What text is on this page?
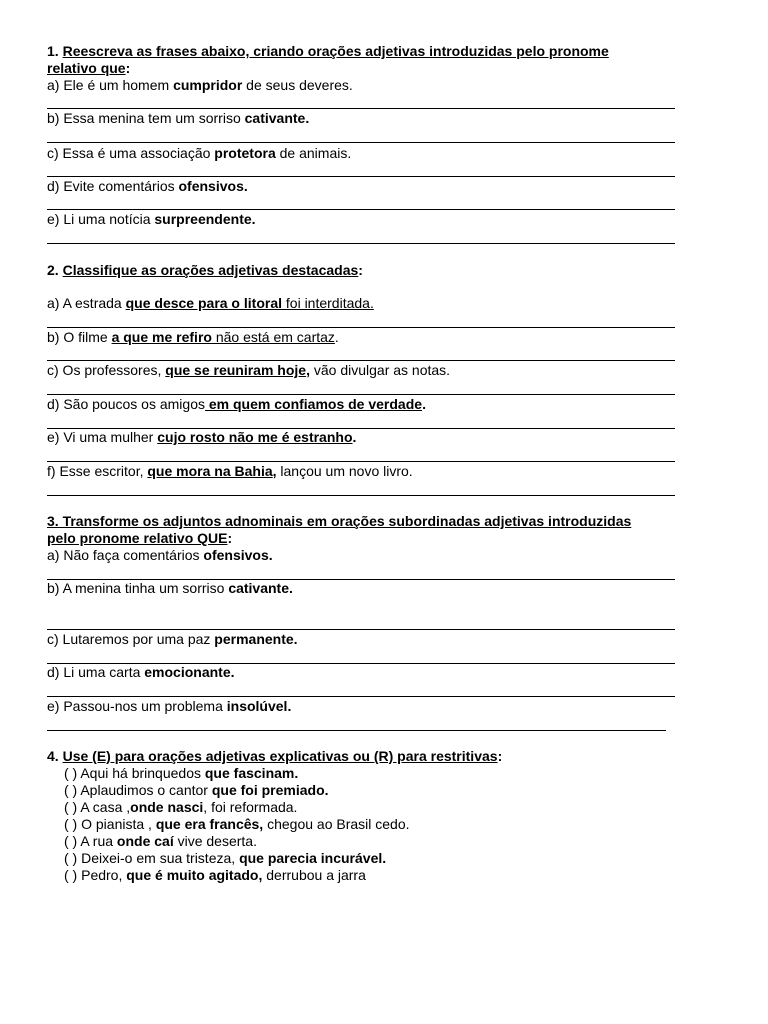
1. Reescreva as frases abaixo, criando orações adjetivas introduzidas pelo pronome
relativo que:
a) Ele é um homem cumpridor de seus deveres.
b) Essa menina tem um sorriso cativante.
c) Essa é uma associação protetora de animais.
d) Evite comentários ofensivos.
e) Li uma notícia surpreendente.
2. Classifique as orações adjetivas destacadas:
a) A estrada que desce para o litoral foi interditada.
b) O filme a que me refiro não está em cartaz.
c) Os professores, que se reuniram hoje, vão divulgar as notas.
d) São poucos os amigos em quem confiamos de verdade.
e) Vi uma mulher cujo rosto não me é estranho.
f) Esse escritor, que mora na Bahia, lançou um novo livro.
3. Transforme os adjuntos adnominais em orações subordinadas adjetivas introduzidas
pelo pronome relativo QUE:
a) Não faça comentários ofensivos.
b) A menina tinha um sorriso cativante.
c) Lutaremos por uma paz permanente.
d) Li uma carta emocionante.
e) Passou-nos um problema insolúvel.
4. Use (E) para orações adjetivas explicativas ou (R) para restritivas:
( ) Aqui há brinquedos que fascinam.
( ) Aplaudimos o cantor que foi premiado.
( ) A casa ,onde nasci, foi reformada.
( ) O pianista , que era francês, chegou ao Brasil cedo.
( ) A rua onde caí vive deserta.
( ) Deixei-o em sua tristeza, que parecia incurável.
( ) Pedro, que é muito agitado, derrubou a jarra
